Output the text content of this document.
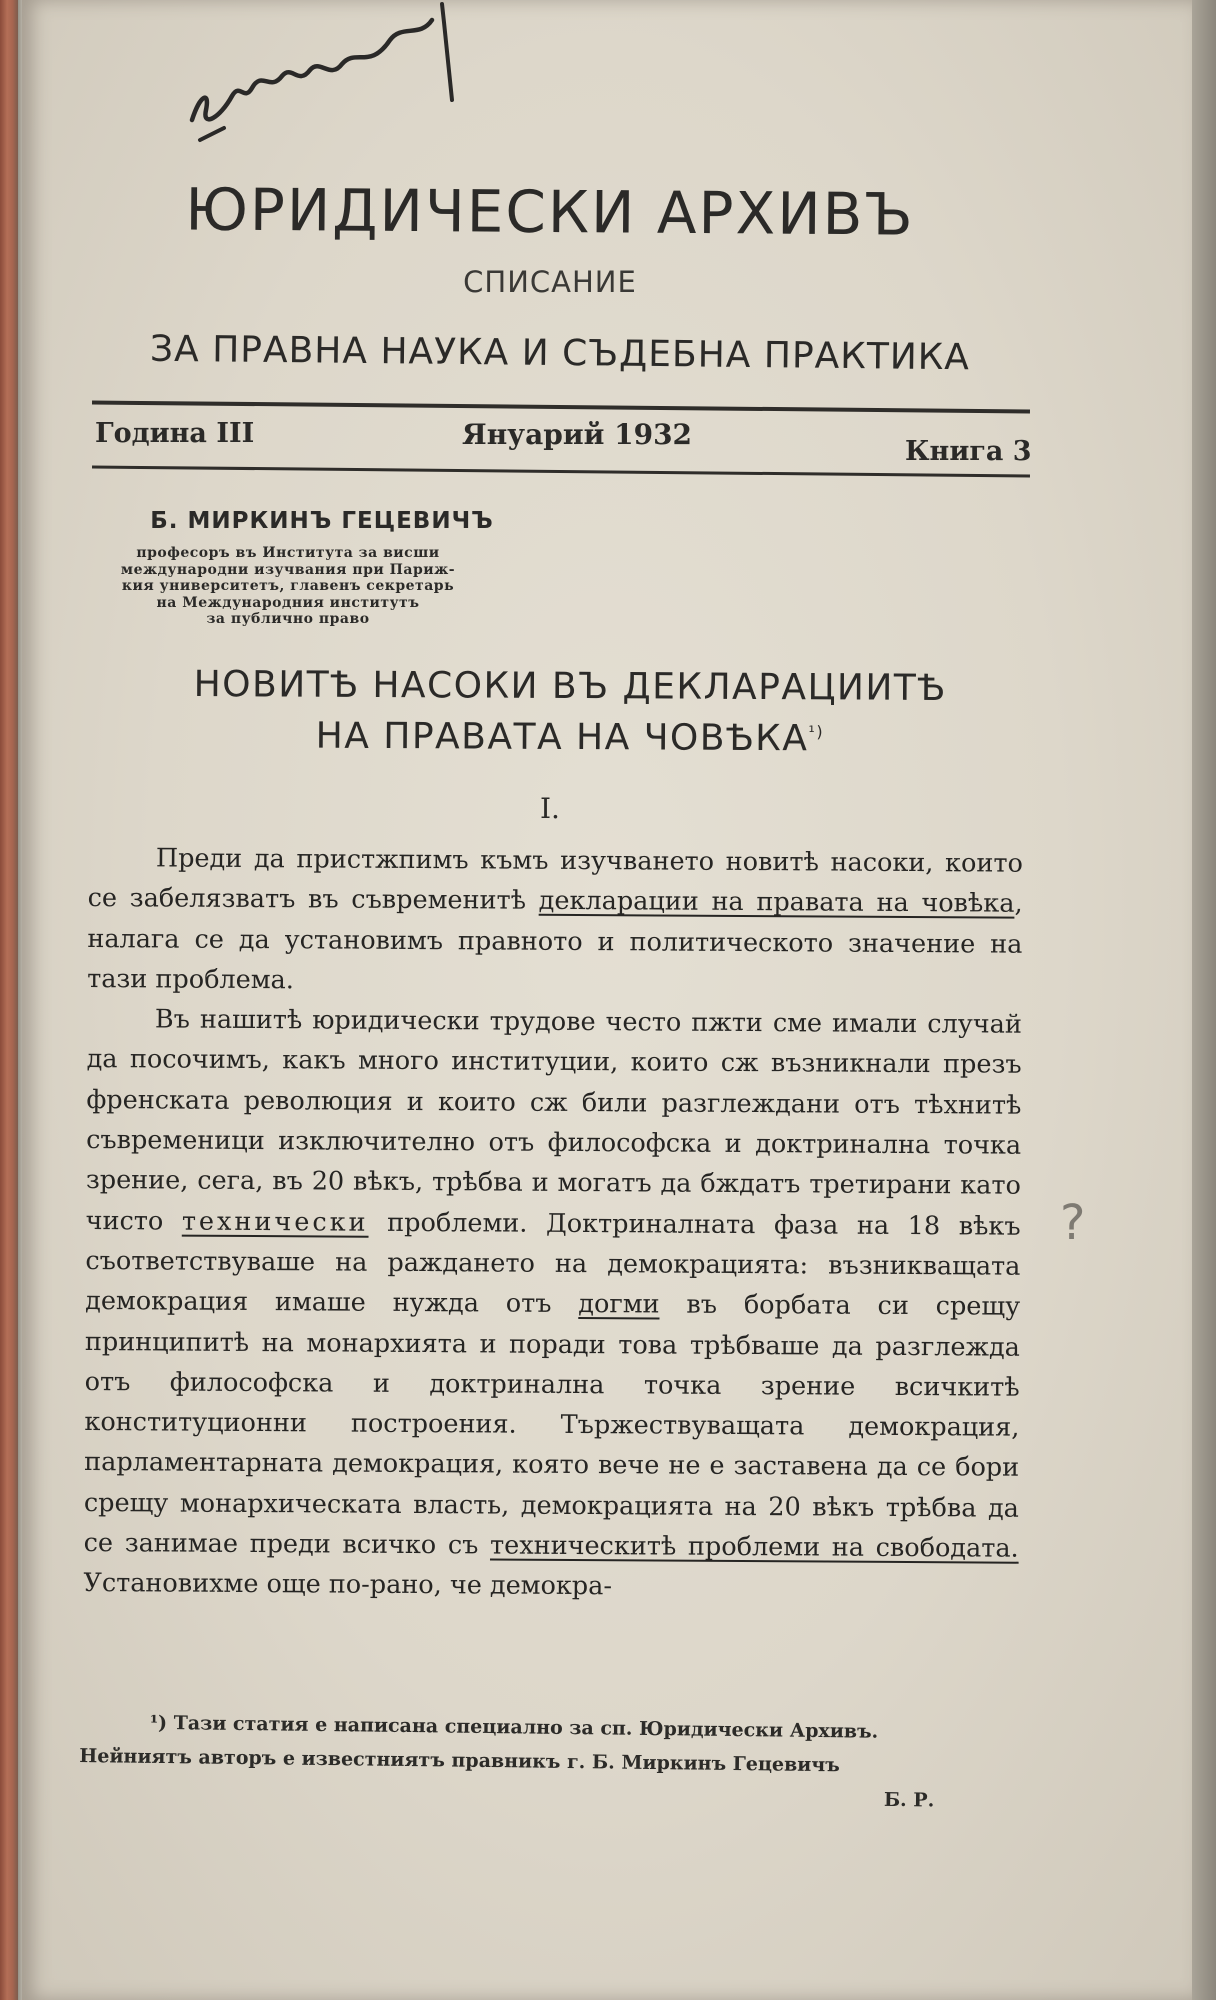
ЮРИДИЧЕСКИ АРХИВЪ
СПИСАНИЕ
ЗА ПРАВНА НАУКА И СЪДЕБНА ПРАКТИКА
Година III	Януарий 1932
Книга 3
Б. МИРКИНЪ ГЕЦЕВИЧЪ
професоръ въ Института за висши
международни изучвания при Париж-
кия университетъ, главенъ секретарь
на Международния институтъ
за публично право
НОВИТѢ НАСОКИ ВЪ ДЕКЛАРАЦИИТѢ
НА ПРАВАТА НА $ЧОВѢКА^{^1)}$
I.

Преди да пристжпимъ къмъ изучването новитѣ насоки, които се забелязватъ въ съвременитѣ декларации на правата на човѣка, налага се да установимъ правното и политическото значение на тази проблема.

Въ нашитѣ юридически трудове често пжти сме имали случай да посочимъ, какъ много институции, които сж възникнали презъ френската революция и които сж били разглеждани отъ тѣхнитѣ съвременици изключително отъ философска и доктринална точка зрение, сега, въ 20 вѣкъ, трѣбва и могатъ да бждатъ третирани като чисто технически проблеми. Доктриналната фаза на 18 вѣкъ съответствуваше на раждането на демокрацията: възникващата демокрация имаше нужда отъ догми въ борбата си срещу принципитѣ на монархията и поради това трѣбваше да разглежда отъ философска и доктринална точка зрение всичкитѣ конституционни построения. Тържествуващата демокрация, парламентарната демокрация, която вече не е заставена да се бори срещу монархическата власть, демокрацията на 20 вѣкъ трѣбва да се занимае преди всичко съ техническитѣ проблеми на свободата. Установихме още по-рано, че демокра-

?
¹) Тази статия е написана специално за сп. Юридически Архивъ.
Нейниятъ авторъ е известниятъ правникъ г. Б. Миркинъ Гецевичъ
Б. Р.
